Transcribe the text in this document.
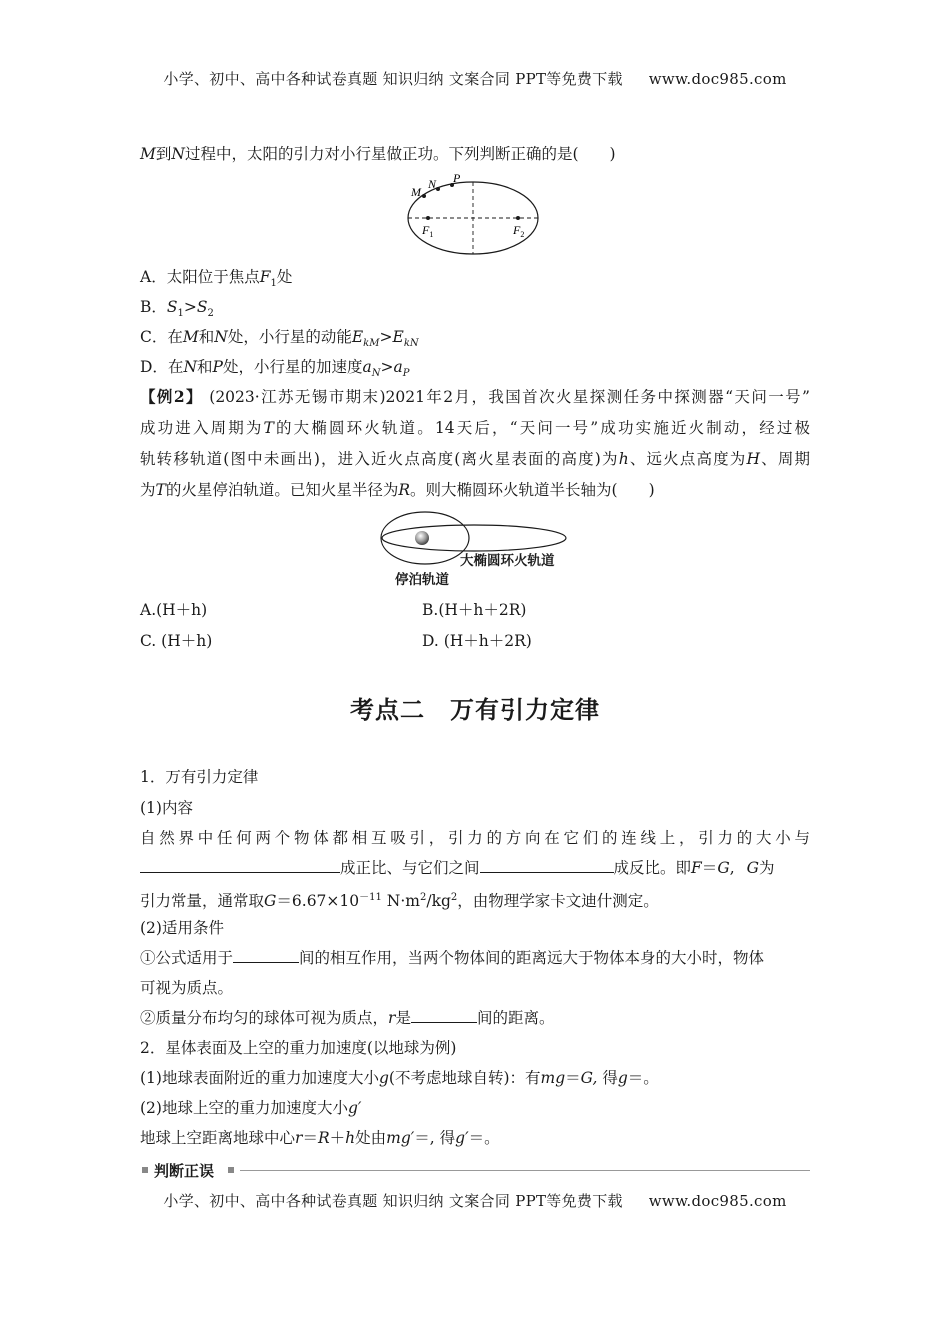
小学、初中、高中各种试卷真题 知识归纳 文案合同 PPT等免费下载 www.doc985.com
M到N过程中，太阳的引力对小行星做正功。下列判断正确的是(　　)
M
N P
$F_1$	$F_2$
A．太阳位于焦点$F_1$处
B．$S_1>S_2$
C．在M和N处，小行星的动能$E_{kM}>E_{kN}$
D．在N和P处，小行星的加速度$a_N>a_P$
【例2】 (2023·江苏无锡市期末)2021年2月，我国首次火星探测任务中探测器“天问一号”
成功进入周期为T的大椭圆环火轨道。14天后，“天问一号”成功实施近火制动，经过极
轨转移轨道(图中未画出)，进入近火点高度(离火星表面的高度)为h、远火点高度为H、周期
为T的火星停泊轨道。已知火星半径为R。则大椭圆环火轨道半长轴为(　　)
大椭圆环火轨道
停泊轨道
A.(H＋h)	B.(H＋h＋2R)
C. (H＋h)	D. (H＋h＋2R)
考点二　万有引力定律
1．万有引力定律
(1)内容
自然界中任何两个物体都相互吸引，引力的方向在它们的连线上，引力的大小与
成正比、与它们之间	成反比。即F＝G, G为
引力常量，通常取$G=6.67\times 10^{-11}$ $N\cdot m^2/kg^2$，由物理学家卡文迪什测定。
(2)适用条件
①公式适用于	间的相互作用，当两个物体间的距离远大于物体本身的大小时，物体
可视为质点。
②质量分布均匀的球体可视为质点，r是	间的距离。
2．星体表面及上空的重力加速度(以地球为例)
(1)地球表面附近的重力加速度大小g(不考虑地球自转)：有mg＝G, 得g＝。
(2)地球上空的重力加速度大小g′
地球上空距离地球中心r＝R＋h处由mg′＝, 得g′＝。
判断正误
小学、初中、高中各种试卷真题 知识归纳 文案合同 PPT等免费下载 www.doc985.com
